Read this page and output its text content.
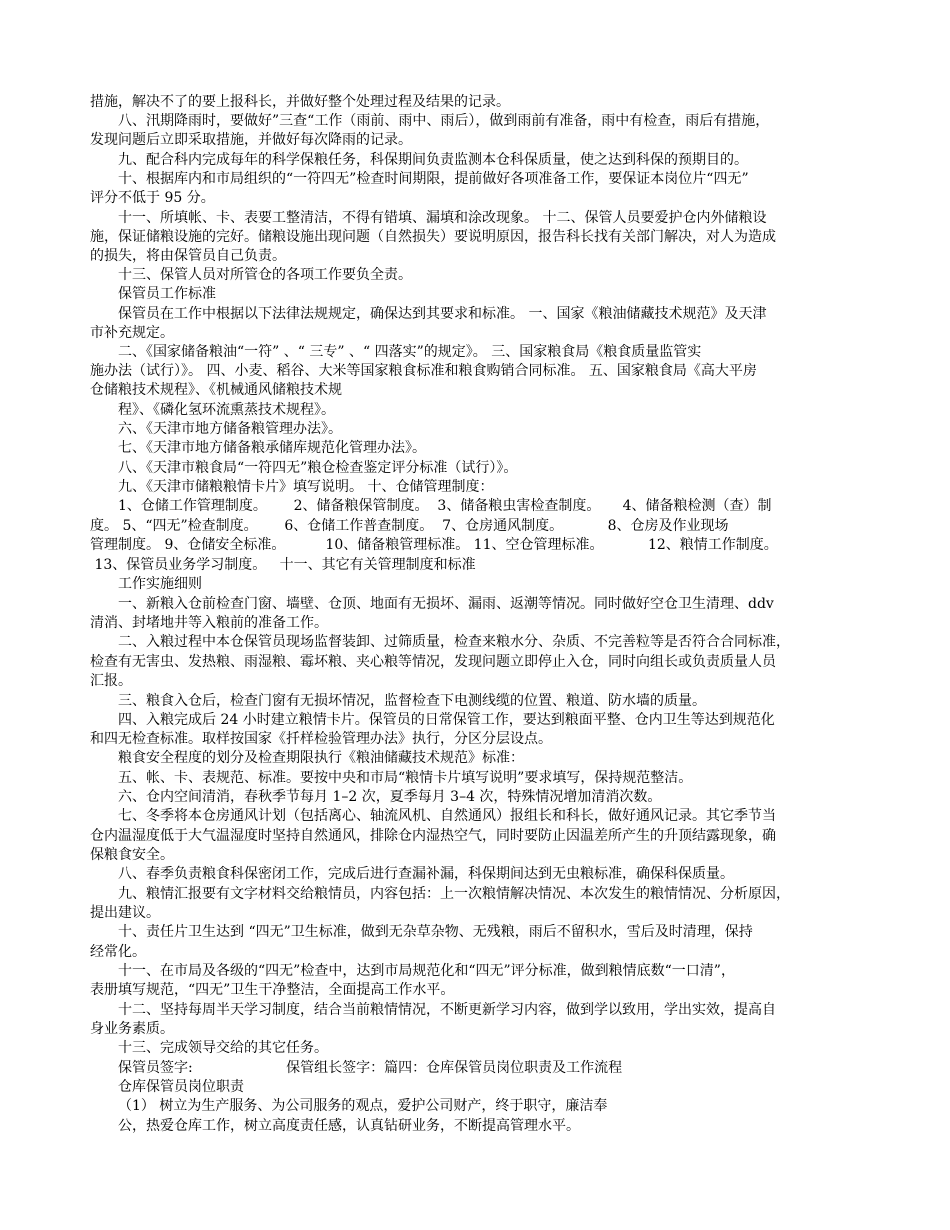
措施，解决不了的要上报科长，并做好整个处理过程及结果的记录。

八、汛期降雨时，要做好”三查“工作（雨前、雨中、雨后），做到雨前有准备，雨中有检查，雨后有措施，

发现问题后立即采取措施，并做好每次降雨的记录。

九、配合科内完成每年的科学保粮任务，科保期间负责监测本仓科保质量，使之达到科保的预期目的。

十、根据库内和市局组织的“一符四无”检查时间期限，提前做好各项准备工作，要保证本岗位片“四无”

评分不低于 95 分。

十一、所填帐、卡、表要工整清洁，不得有错填、漏填和涂改现象。 十二、保管人员要爱护仓内外储粮设

施，保证储粮设施的完好。储粮设施出现问题（自然损失）要说明原因，报告科长找有关部门解决，对人为造成

的损失，将由保管员自己负责。

十三、保管人员对所管仓的各项工作要负全责。

保管员工作标准

保管员在工作中根据以下法律法规规定，确保达到其要求和标准。 一、国家《粮油储藏技术规范》及天津

市补充规定。

二、《国家储备粮油“一符” 、“ 三专” 、“ 四落实”的规定》。 三、国家粮食局《粮食质量监管实

施办法（试行）》。 四、小麦、稻谷、大米等国家粮食标准和粮食购销合同标准。 五、国家粮食局《高大平房

仓储粮技术规程》、《机械通风储粮技术规

程》、《磷化氢环流熏蒸技术规程》。

六、《天津市地方储备粮管理办法》。

七、《天津市地方储备粮承储库规范化管理办法》。

八、《天津市粮食局“一符四无”粮仓检查鉴定评分标准（试行）》。

九、《天津市储粮粮情卡片》填写说明。 十、仓储管理制度：

1、仓储工作管理制度。      2、储备粮保管制度。  3、储备粮虫害检查制度。     4、储备粮检测（查）制

度。 5、“四无”检查制度。      6、仓储工作普查制度。  7、仓房通风制度。          8、仓房及作业现场

管理制度。 9、仓储安全标准。         10、储备粮管理标准。 11、空仓管理标准。          12、粮情工作制度。

13、保管员业务学习制度。   十一、其它有关管理制度和标准

工作实施细则

一、新粮入仓前检查门窗、墙壁、仓顶、地面有无损坏、漏雨、返潮等情况。同时做好空仓卫生清理、ddv

清消、封堵地井等入粮前的准备工作。

二、入粮过程中本仓保管员现场监督装卸、过筛质量，检查来粮水分、杂质、不完善粒等是否符合合同标准，

检查有无害虫、发热粮、雨湿粮、霉坏粮、夹心粮等情况，发现问题立即停止入仓，同时向组长或负责质量人员

汇报。

三、粮食入仓后，检查门窗有无损坏情况，监督检查下电测线缆的位置、粮道、防水墙的质量。

四、入粮完成后 24 小时建立粮情卡片。保管员的日常保管工作，要达到粮面平整、仓内卫生等达到规范化

和四无检查标准。取样按国家《扦样检验管理办法》执行，分区分层设点。

粮食安全程度的划分及检查期限执行《粮油储藏技术规范》标准：

五、帐、卡、表规范、标准。要按中央和市局“粮情卡片填写说明”要求填写，保持规范整洁。

六、仓内空间清消，春秋季节每月 1–2 次，夏季每月 3–4 次，特殊情况增加清消次数。

七、冬季将本仓房通风计划（包括离心、轴流风机、自然通风）报组长和科长，做好通风记录。其它季节当

仓内温湿度低于大气温湿度时坚持自然通风，排除仓内湿热空气，同时要防止因温差所产生的升顶结露现象，确

保粮食安全。

八、春季负责粮食科保密闭工作，完成后进行查漏补漏，科保期间达到无虫粮标准，确保科保质量。

九、粮情汇报要有文字材料交给粮情员，内容包括：上一次粮情解决情况、本次发生的粮情情况、分析原因，

提出建议。

十、责任片卫生达到 “四无”卫生标准，做到无杂草杂物、无残粮，雨后不留积水，雪后及时清理，保持

经常化。

十一、在市局及各级的“四无”检查中，达到市局规范化和“四无”评分标准，做到粮情底数“一口清”，

表册填写规范，“四无”卫生干净整洁，全面提高工作水平。

十二、坚持每周半天学习制度，结合当前粮情情况，不断更新学习内容，做到学以致用，学出实效，提高自

身业务素质。

十三、完成领导交给的其它任务。

保管员签字:                     保管组长签字：篇四：仓库保管员岗位职责及工作流程

仓库保管员岗位职责

（1） 树立为生产服务、为公司服务的观点，爱护公司财产，终于职守，廉洁奉

公，热爱仓库工作，树立高度责任感，认真钻研业务，不断提高管理水平。
